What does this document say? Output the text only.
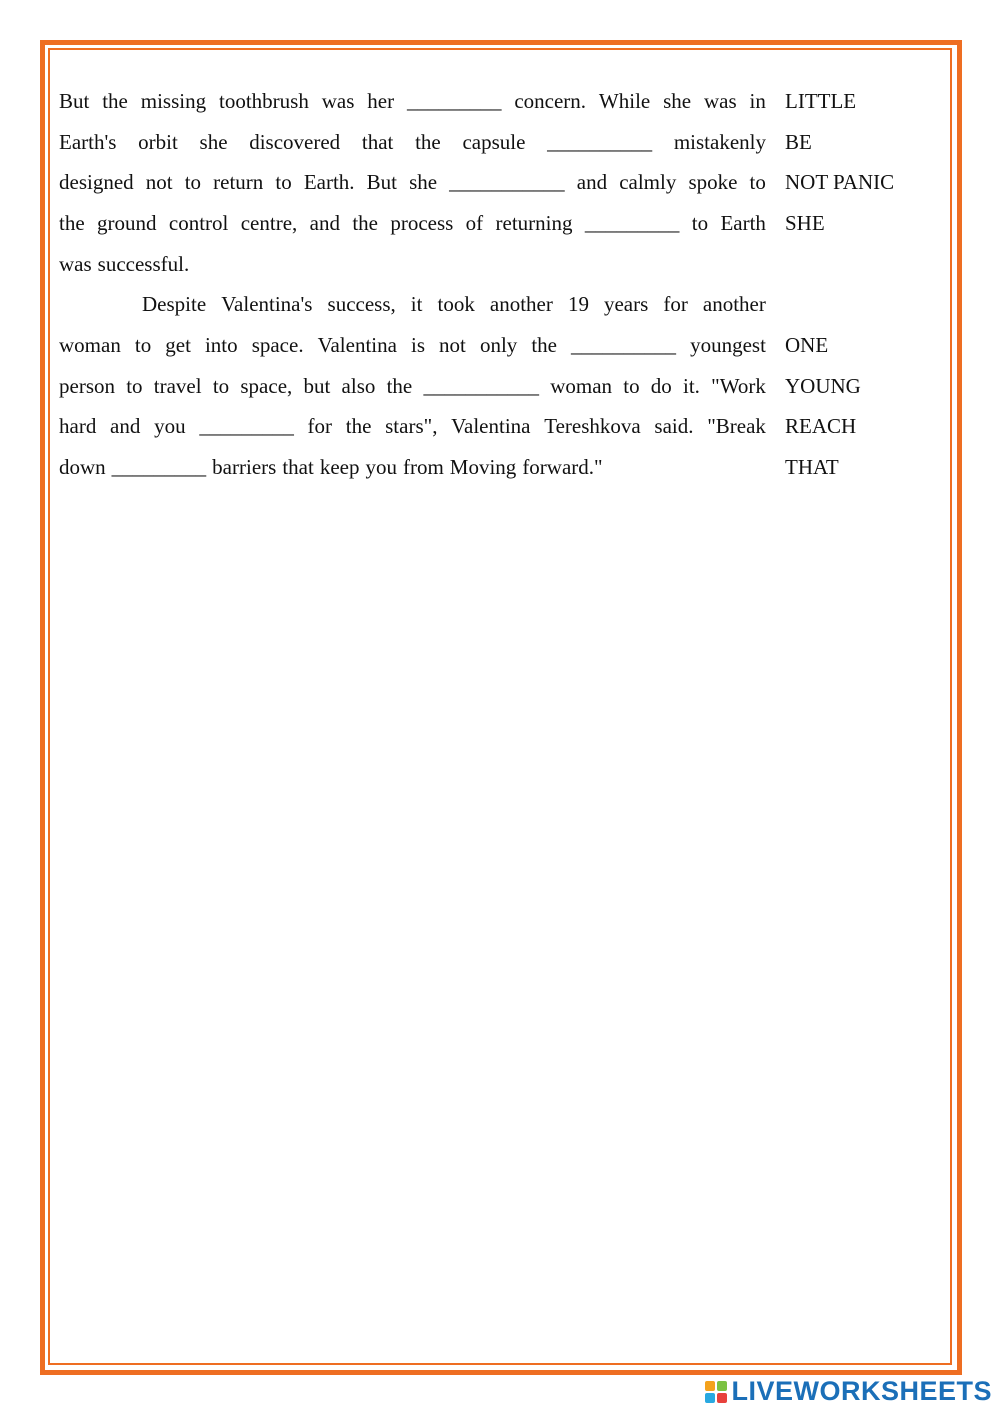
But the missing toothbrush was her _________ concern. While she was in LITTLE
Earth's orbit she discovered that the capsule __________ mistakenly BE
designed not to return to Earth. But she ___________ and calmly spoke to NOT PANIC
the ground control centre, and the process of returning _________ to Earth SHE
was successful.
Despite Valentina's success, it took another 19 years for another
woman to get into space. Valentina is not only the __________ youngest ONE
person to travel to space, but also the ___________ woman to do it. "Work YOUNG
hard and you _________ for the stars", Valentina Tereshkova said. "Break REACH
down _________ barriers that keep you from Moving forward."	THAT
LIVEWORKSHEETS
